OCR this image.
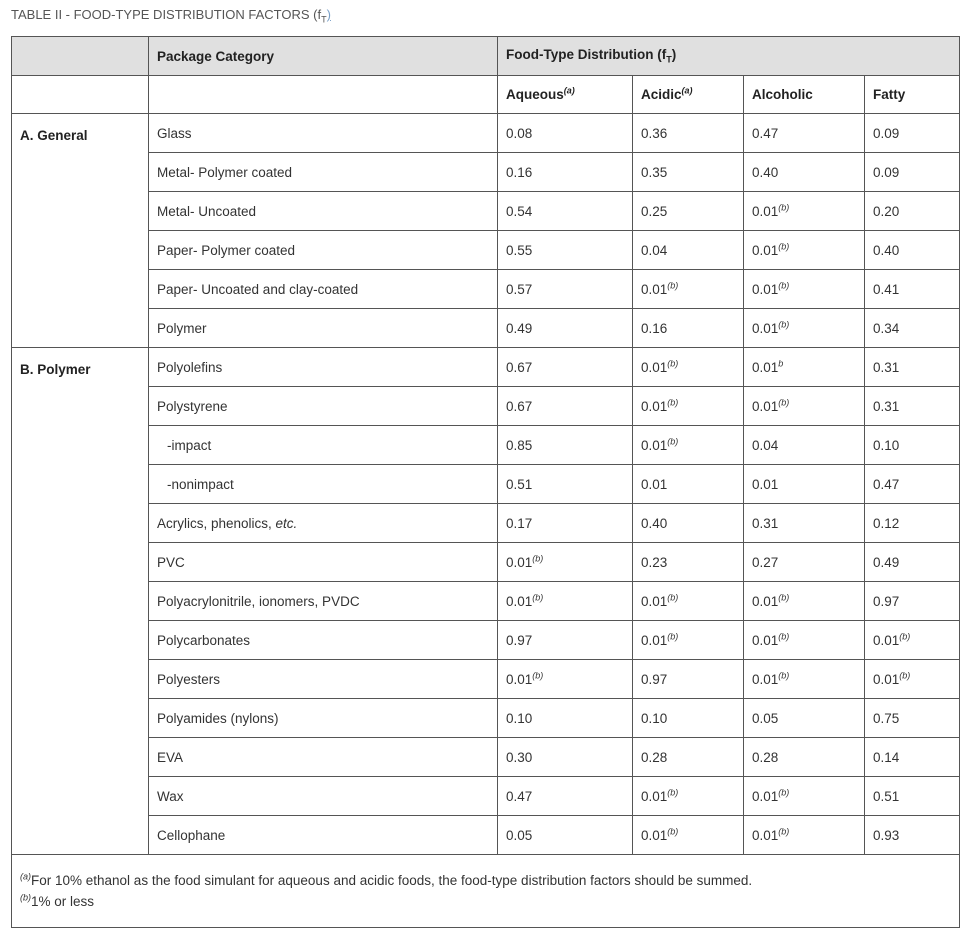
TABLE II - FOOD-TYPE DISTRIBUTION FACTORS $(f_T)$
	Package Category	Food-Type Distribution $(f_T)$			
		Aqueous$^{(a)}$	Acidic$^{(a)}$	Alcoholic	Fatty
A. General	Glass	0.08	0.36	0.47	0.09
	Metal- Polymer coated	0.16	0.35	0.40	0.09
	Metal- Uncoated	0.54	0.25	0.01$^{(b)}$	0.20
	Paper- Polymer coated	0.55	0.04	0.01$^{(b)}$	0.40
	Paper- Uncoated and clay-coated	0.57	0.01$^{(b)}$	0.01$^{(b)}$	0.41
	Polymer	0.49	0.16	0.01$^{(b)}$	0.34
B. Polymer	Polyolefins	0.67	0.01$^{(b)}$	0.01$^b$	0.31
	Polystyrene	0.67	0.01$^{(b)}$	0.01$^{(b)}$	0.31
	-impact	0.85	0.01$^{(b)}$	0.04	0.10
	-nonimpact	0.51	0.01	0.01	0.47
	Acrylics, phenolics, etc.	0.17	0.40	0.31	0.12
	PVC	0.01$^{(b)}$	0.23	0.27	0.49
	Polyacrylonitrile, ionomers, PVDC	0.01$^{(b)}$	0.01$^{(b)}$	0.01$^{(b)}$	0.97
	Polycarbonates	0.97	0.01$^{(b)}$	0.01$^{(b)}$	0.01$^{(b)}$
	Polyesters	0.01$^{(b)}$	0.97	0.01$^{(b)}$	0.01$^{(b)}$
	Polyamides (nylons)	0.10	0.10	0.05	0.75
	EVA	0.30	0.28	0.28	0.14
	Wax	0.47	0.01$^{(b)}$	0.01$^{(b)}$	0.51
	Cellophane	0.05	0.01$^{(b)}$	0.01$^{(b)}$	0.93

$^{(a)}$For 10% ethanol as the food simulant for aqueous and acidic foods, the food-type distribution factors should be summed.
$^{(b)}$1% or less					
